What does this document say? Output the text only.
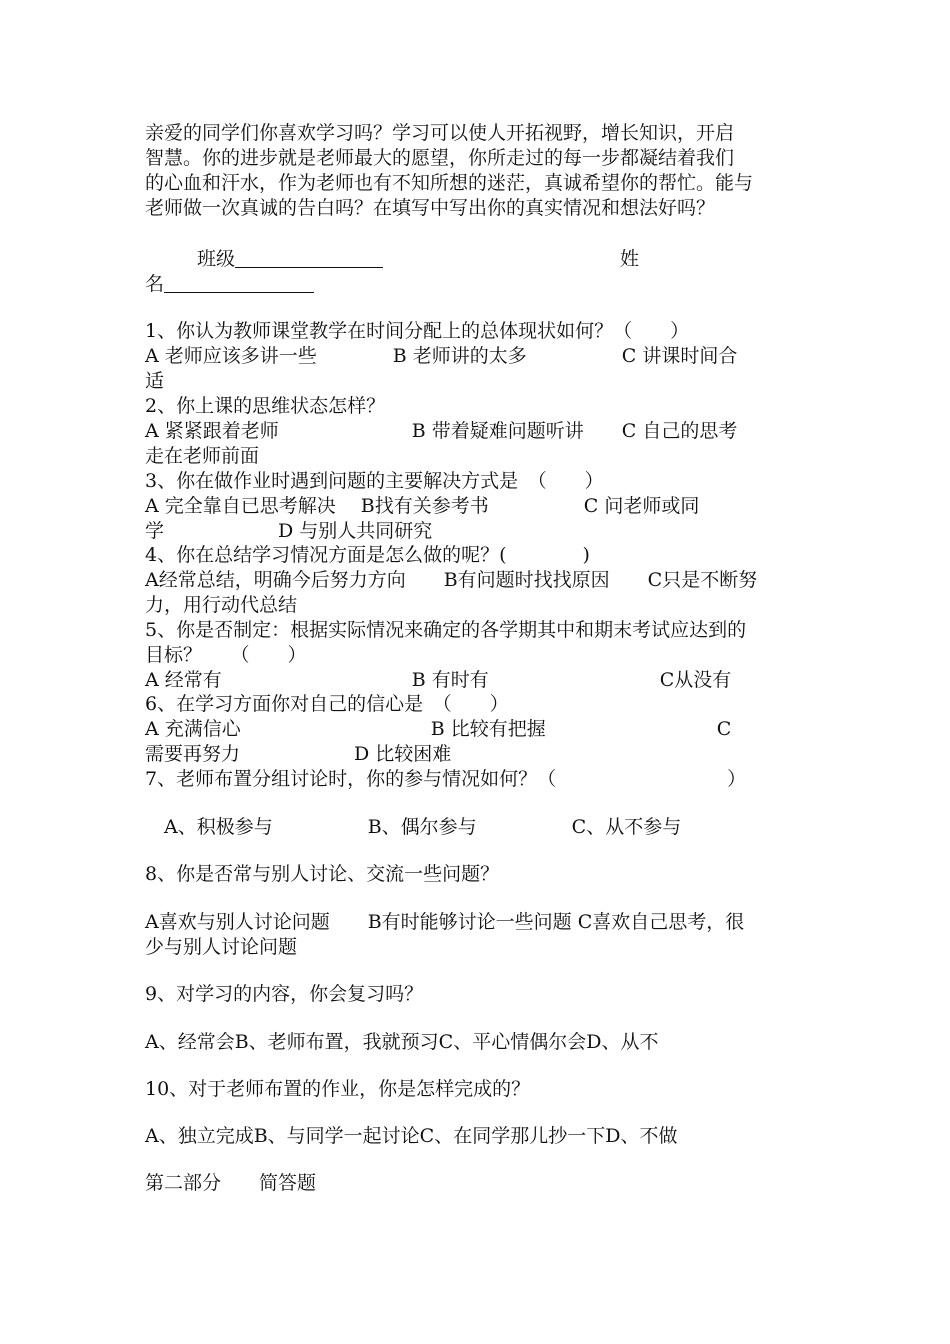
亲爱的同学们你喜欢学习吗？学习可以使人开拓视野，增长知识，开启
智慧。你的进步就是老师最大的愿望，你所走过的每一步都凝结着我们
的心血和汗水，作为老师也有不知所想的迷茫，真诚希望你的帮忙。能与
老师做一次真诚的告白吗？在填写中写出你的真实情况和想法好吗？
班级	姓
名
1、你认为教师课堂教学在时间分配上的总体现状如何？（　　）
A 老师应该多讲一些　　　　B 老师讲的太多　　　　　C 讲课时间合
适
2、你上课的思维状态怎样？
A 紧紧跟着老师　　　　　　　B 带着疑难问题听讲　　C 自己的思考
走在老师前面
3、你在做作业时遇到问题的主要解决方式是　（　　）
A 完全靠自已思考解决　 B找有关参考书　　　　　C 问老师或同
学　　　　　　D 与别人共同研究
4、你在总结学习情况方面是怎么做的呢？(　　　　)
A经常总结，明确今后努力方向　　B有问题时找找原因　　C只是不断努
力，用行动代总结
5、你是否制定：根据实际情况来确定的各学期其中和期末考试应达到的
目标？　　（　　）
A 经常有　　　　　　　　　　B 有时有　　　　　　　　　C从没有
6、在学习方面你对自己的信心是　（　　）
A 充满信心　　　　　　　　　　B 比较有把握　　　　　　　　　C
需要再努力　　　　　　D 比较困难
7、老师布置分组讨论时，你的参与情况如何？（　　　　　　　　　）
　A、积极参与　　　　　B、偶尔参与　　　　　C、从不参与
8、你是否常与别人讨论、交流一些问题？
A喜欢与别人讨论问题　　B有时能够讨论一些问题 C喜欢自己思考，很
少与别人讨论问题
9、对学习的内容，你会复习吗？
A、经常会B、老师布置，我就预习C、平心情偶尔会D、从不
10、对于老师布置的作业，你是怎样完成的？
A、独立完成B、与同学一起讨论C、在同学那儿抄一下D、不做
第二部分　　简答题
